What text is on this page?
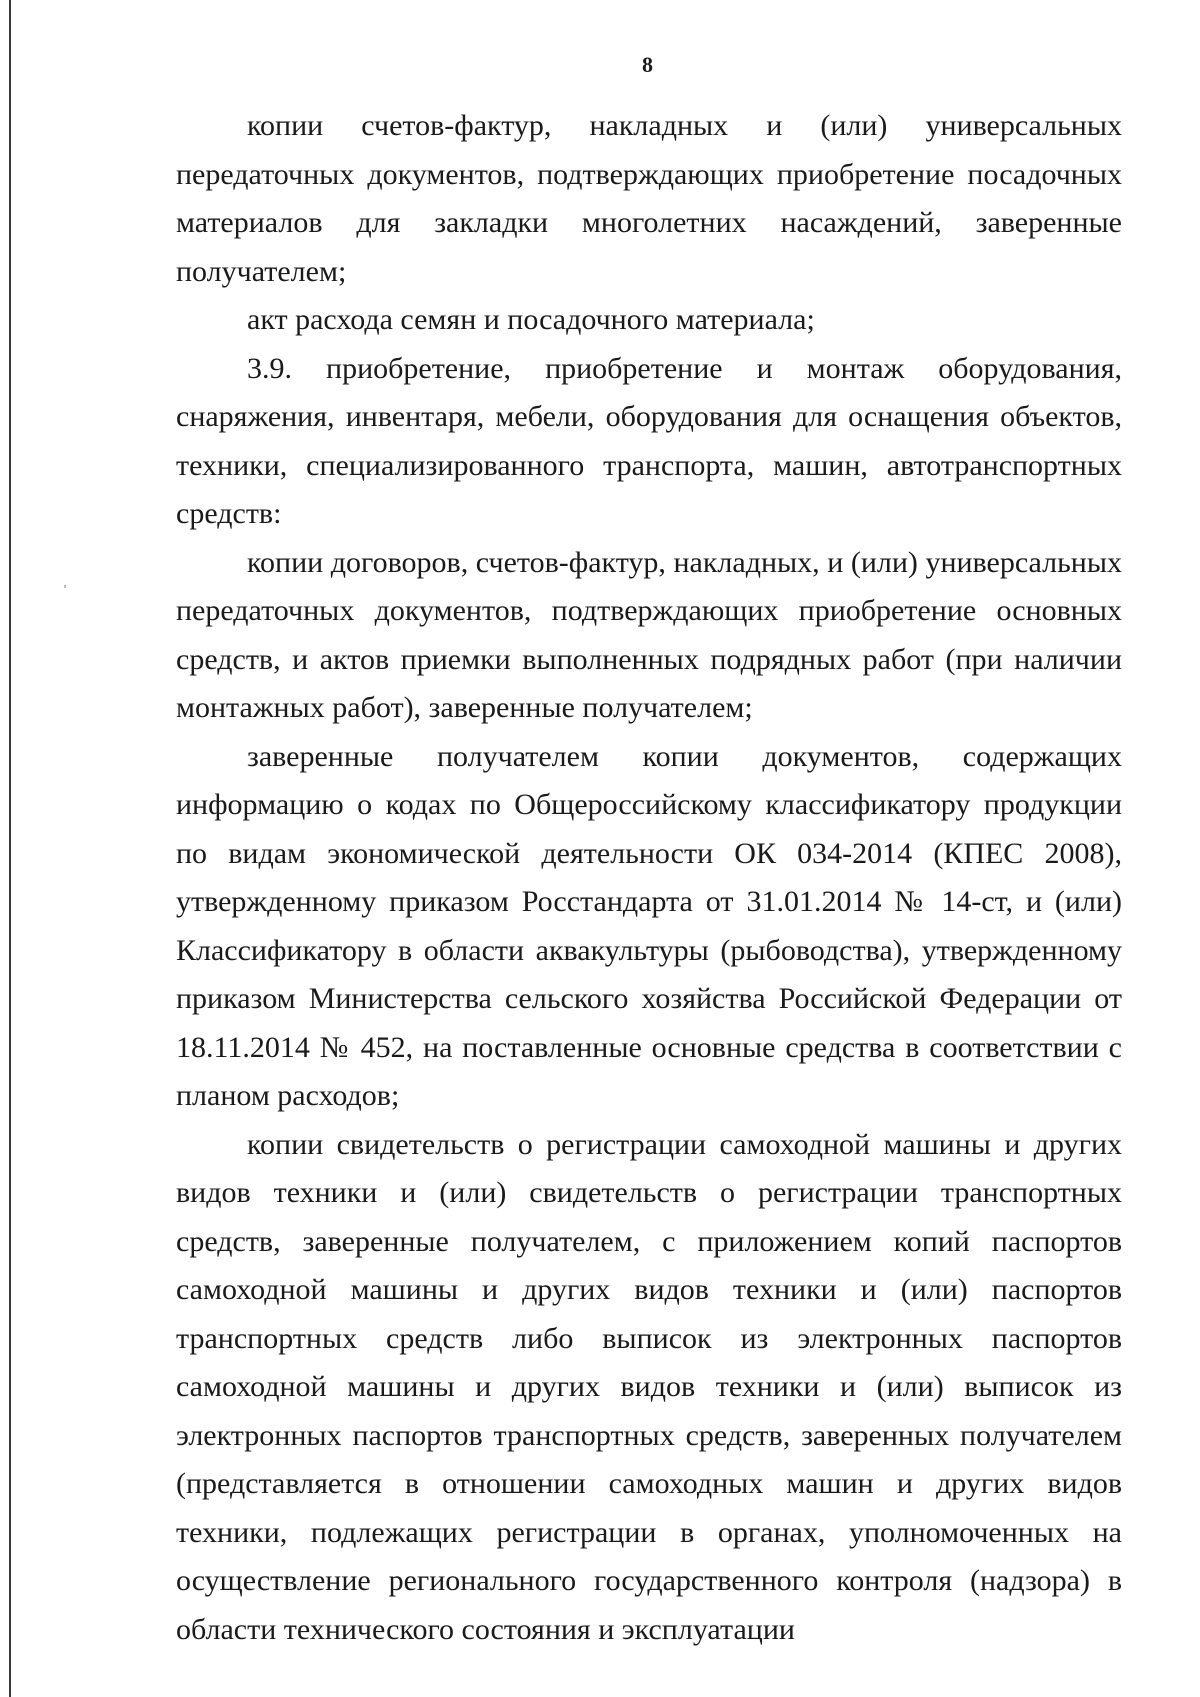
8

копии счетов-фактур, накладных и (или) универсальных передаточных документов, подтверждающих приобретение посадочных материалов для закладки многолетних насаждений, заверенные получателем;

акт расхода семян и посадочного материала;

3.9. приобретение, приобретение и монтаж оборудования, снаряжения, инвентаря, мебели, оборудования для оснащения объектов, техники, специализированного транспорта, машин, автотранспортных средств:

копии договоров, счетов-фактур, накладных, и (или) универсальных передаточных документов, подтверждающих приобретение основных средств, и актов приемки выполненных подрядных работ (при наличии монтажных работ), заверенные получателем;

заверенные получателем копии документов, содержащих информацию о кодах по Общероссийскому классификатору продукции по видам экономической деятельности ОК 034-2014 (КПЕС 2008), утвержденному приказом Росстандарта от 31.01.2014 № 14-ст, и (или) Классификатору в области аквакультуры (рыбоводства), утвержденному приказом Министерства сельского хозяйства Российской Федерации от 18.11.2014 № 452, на поставленные основные средства в соответствии с планом расходов;

копии свидетельств о регистрации самоходной машины и других видов техники и (или) свидетельств о регистрации транспортных средств, заверенные получателем, с приложением копий паспортов самоходной машины и других видов техники и (или) паспортов транспортных средств либо выписок из электронных паспортов самоходной машины и других видов техники и (или) выписок из электронных паспортов транспортных средств, заверенных получателем (представляется в отношении самоходных машин и других видов техники, подлежащих регистрации в органах, уполномоченных на осуществление регионального государственного контроля (надзора) в области технического состояния и эксплуатации
